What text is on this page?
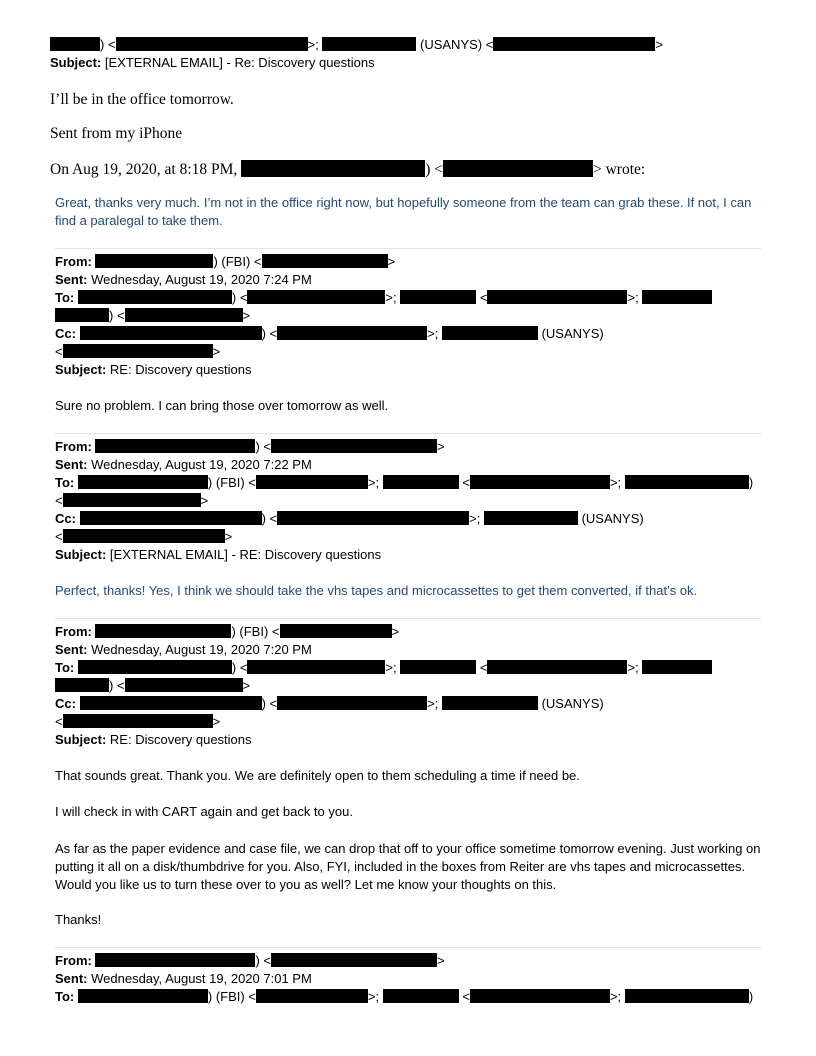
) <	>;	(USANYS) <	>
Subject: [EXTERNAL EMAIL] - Re: Discovery questions
I’ll be in the office tomorrow.
Sent from my iPhone
On Aug 19, 2020, at 8:18 PM,	) <	> wrote:
Great, thanks very much. I’m not in the office right now, but hopefully someone from the team can grab these. If not, I can find a paralegal to take them.
From:	) (FBI) <	>
Sent: Wednesday, August 19, 2020 7:24 PM
To:	) <	>;	<	>;
) <	>
Cc:	) <	>;	(USANYS)
<	>
Subject: RE: Discovery questions
Sure no problem. I can bring those over tomorrow as well.
From:	) <	>
Sent: Wednesday, August 19, 2020 7:22 PM
To:	) (FBI) <	>;	<	>;	)
<	>
Cc:	) <	>;	(USANYS)
<	>
Subject: [EXTERNAL EMAIL] - RE: Discovery questions
Perfect, thanks! Yes, I think we should take the vhs tapes and microcassettes to get them converted, if that’s ok.
From:	) (FBI) <	>
Sent: Wednesday, August 19, 2020 7:20 PM
To:	) <	>;	<	>;
) <	>
Cc:	) <	>;	(USANYS)
<	>
Subject: RE: Discovery questions
That sounds great. Thank you. We are definitely open to them scheduling a time if need be.
I will check in with CART again and get back to you.
As far as the paper evidence and case file, we can drop that off to your office sometime tomorrow evening. Just working on putting it all on a disk/thumbdrive for you. Also, FYI, included in the boxes from Reiter are vhs tapes and microcassettes. Would you like us to turn these over to you as well? Let me know your thoughts on this.
Thanks!
From:	) <	>
Sent: Wednesday, August 19, 2020 7:01 PM
To:	) (FBI) <	>;	<	>;	)
